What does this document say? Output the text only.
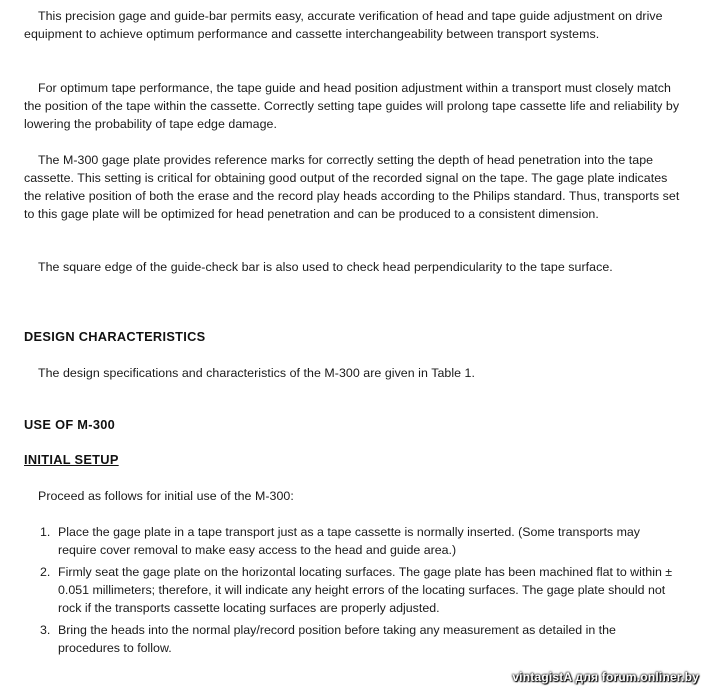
This precision gage and guide-bar permits easy, accurate verification of head and tape guide adjustment on drive equipment to achieve optimum performance and cassette interchangeability between transport systems.

For optimum tape performance, the tape guide and head position adjustment within a transport must closely match the position of the tape within the cassette. Correctly setting tape guides will prolong tape cassette life and reliability by lowering the probability of tape edge damage.

The M-300 gage plate provides reference marks for correctly setting the depth of head penetration into the tape cassette. This setting is critical for obtaining good output of the recorded signal on the tape. The gage plate indicates the relative position of both the erase and the record play heads according to the Philips standard. Thus, transports set to this gage plate will be optimized for head penetration and can be produced to a consistent dimension.

The square edge of the guide-check bar is also used to check head perpendicularity to the tape surface.

DESIGN CHARACTERISTICS

The design specifications and characteristics of the M-300 are given in Table 1.

USE OF M-300
INITIAL SETUP

Proceed as follows for initial use of the M-300:

1. Place the gage plate in a tape transport just as a tape cassette is normally inserted. (Some transports may require cover removal to make easy access to the head and guide area.)
2. Firmly seat the gage plate on the horizontal locating surfaces. The gage plate has been machined flat to within ± 0.051 millimeters; therefore, it will indicate any height errors of the locating surfaces. The gage plate should not rock if the transports cassette locating surfaces are properly adjusted.
3. Bring the heads into the normal play/record position before taking any measurement as detailed in the procedures to follow.
vintagistA для forum.onliner.by
